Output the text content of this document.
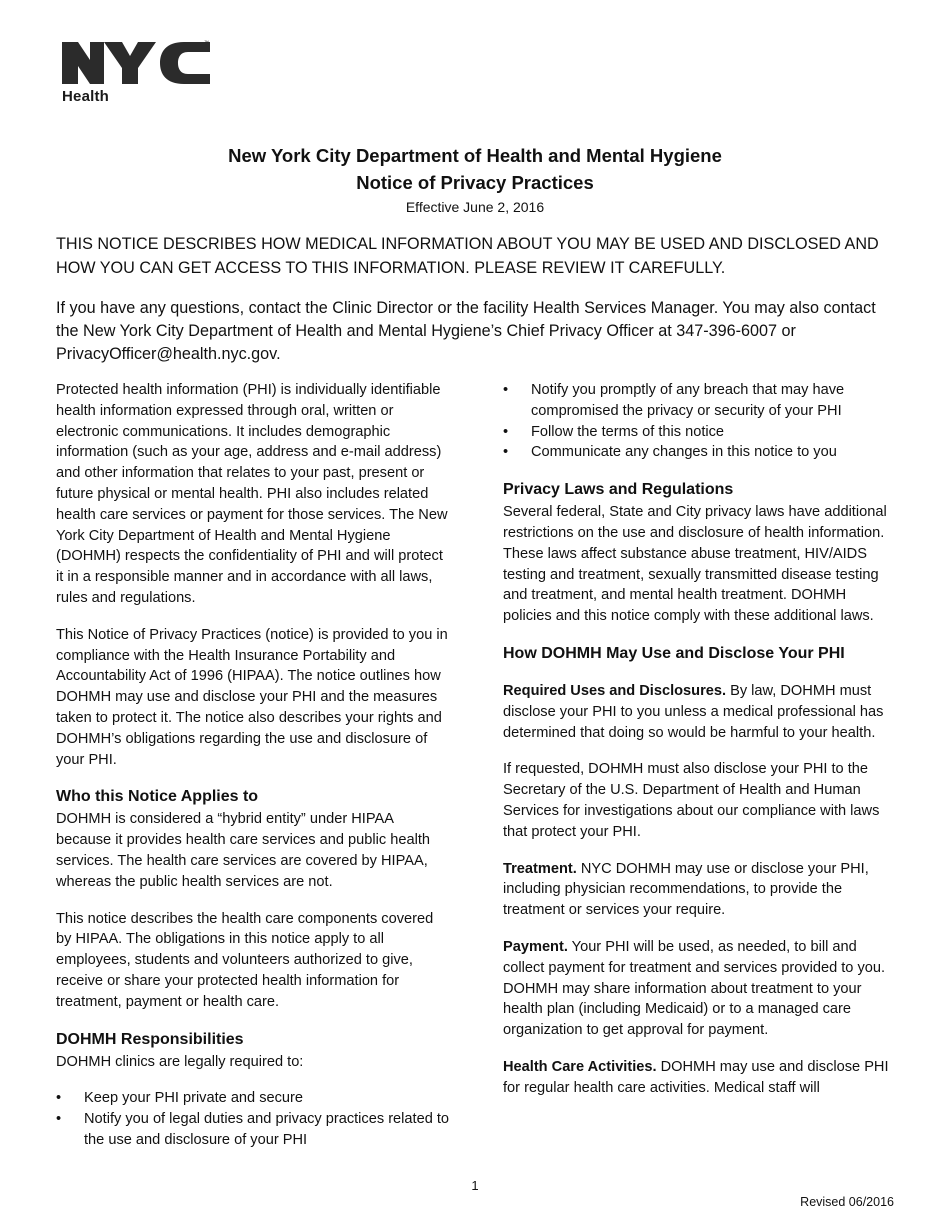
™
Health
New York City Department of Health and Mental Hygiene
Notice of Privacy Practices
Effective June 2, 2016
THIS NOTICE DESCRIBES HOW MEDICAL INFORMATION ABOUT YOU MAY BE USED AND DISCLOSED AND HOW YOU CAN GET ACCESS TO THIS INFORMATION. PLEASE REVIEW IT CAREFULLY.
If you have any questions, contact the Clinic Director or the facility Health Services Manager. You may also contact the New York City Department of Health and Mental Hygiene’s Chief Privacy Officer at 347-396-6007 or PrivacyOfficer@health.nyc.gov.

Protected health information (PHI) is individually identifiable health information expressed through oral, written or electronic communications. It includes demographic information (such as your age, address and e-mail address) and other information that relates to your past, present or future physical or mental health. PHI also includes related health care services or payment for those services. The New York City Department of Health and Mental Hygiene (DOHMH) respects the confidentiality of PHI and will protect it in a responsible manner and in accordance with all laws, rules and regulations.

This Notice of Privacy Practices (notice) is provided to you in compliance with the Health Insurance Portability and Accountability Act of 1996 (HIPAA). The notice outlines how DOHMH may use and disclose your PHI and the measures taken to protect it. The notice also describes your rights and DOHMH’s obligations regarding the use and disclosure of your PHI.

Who this Notice Applies to

DOHMH is considered a “hybrid entity” under HIPAA because it provides health care services and public health services. The health care services are covered by HIPAA, whereas the public health services are not.

This notice describes the health care components covered by HIPAA. The obligations in this notice apply to all employees, students and volunteers authorized to give, receive or share your protected health information for treatment, payment or health care.

DOHMH Responsibilities
DOHMH clinics are legally required to:
• Keep your PHI private and secure
• Notify you of legal duties and privacy practices related to the use and disclosure of your PHI
• Notify you promptly of any breach that may have compromised the privacy or security of your PHI
• Follow the terms of this notice
• Communicate any changes in this notice to you
Privacy Laws and Regulations

Several federal, State and City privacy laws have additional restrictions on the use and disclosure of health information. These laws affect substance abuse treatment, HIV/AIDS testing and treatment, sexually transmitted disease testing and treatment, and mental health treatment. DOHMH policies and this notice comply with these additional laws.

How DOHMH May Use and Disclose Your PHI

Required Uses and Disclosures. By law, DOHMH must disclose your PHI to you unless a medical professional has determined that doing so would be harmful to your health.

If requested, DOHMH must also disclose your PHI to the Secretary of the U.S. Department of Health and Human Services for investigations about our compliance with laws that protect your PHI.

Treatment. NYC DOHMH may use or disclose your PHI, including physician recommendations, to provide the treatment or services your require.

Payment. Your PHI will be used, as needed, to bill and collect payment for treatment and services provided to you. DOHMH may share information about treatment to your health plan (including Medicaid) or to a managed care organization to get approval for payment.

Health Care Activities. DOHMH may use and disclose PHI for regular health care activities. Medical staff will

1
Revised 06/2016
